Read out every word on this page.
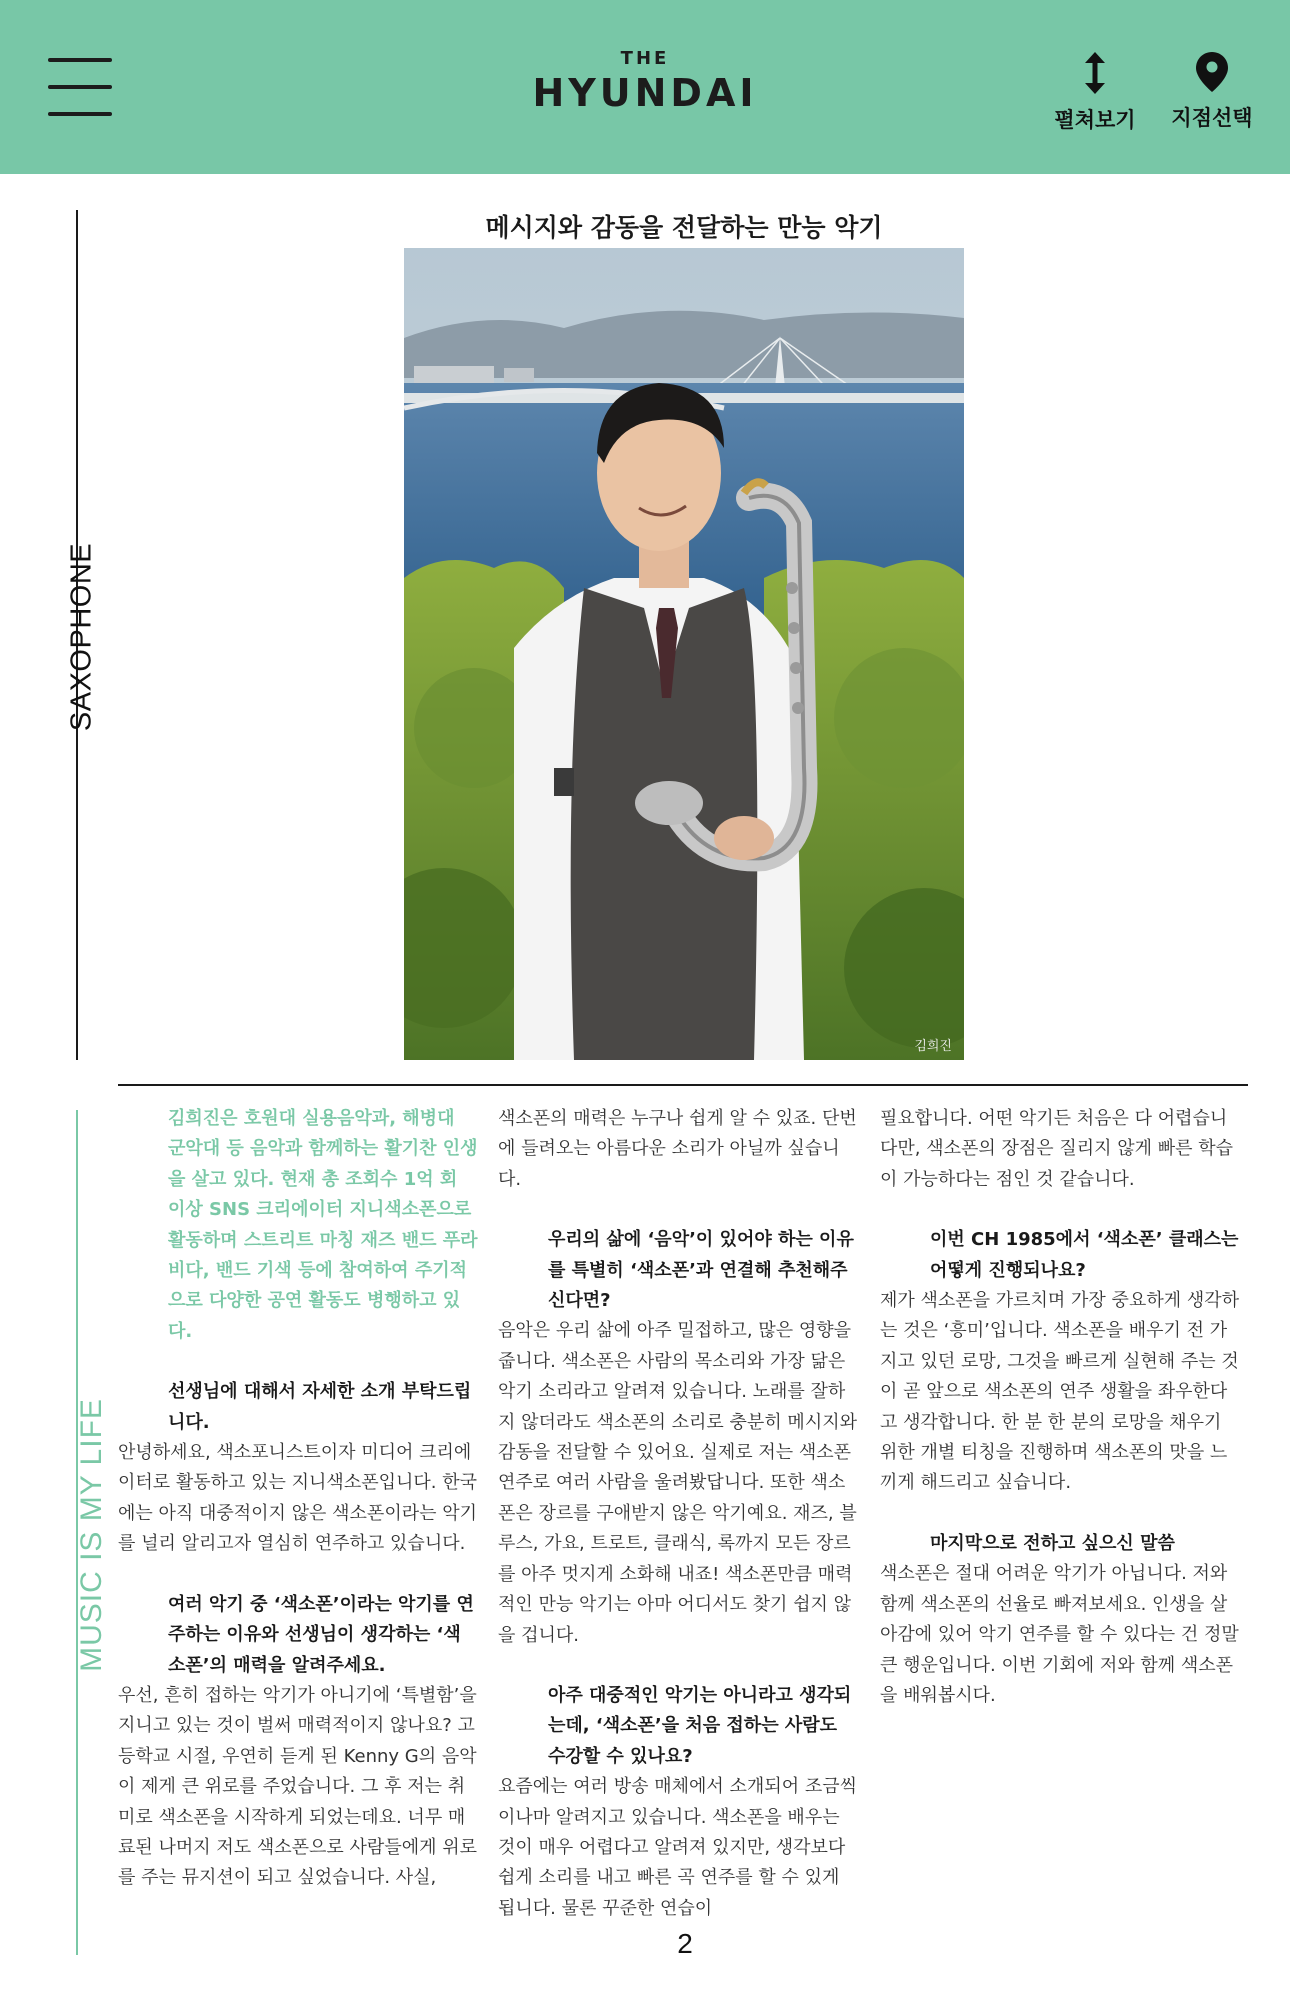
THE
HYUNDAI
펼쳐보기	지점선택
SAXOPHONE
MUSIC IS MY LIFE
메시지와 감동을 전달하는 만능 악기
김희진

김희진은 호원대 실용음악과, 해병대 군악대 등 음악과 함께하는 활기찬 인생을 살고 있다. 현재 총 조회수 1억 회 이상 SNS 크리에이터 지니색소폰으로 활동하며 스트리트 마칭 재즈 밴드 푸라비다, 밴드 기색 등에 참여하여 주기적으로 다양한 공연 활동도 병행하고 있다.

선생님에 대해서 자세한 소개 부탁드립니다.

안녕하세요, 색소포니스트이자 미디어 크리에이터로 활동하고 있는 지니색소폰입니다. 한국에는 아직 대중적이지 않은 색소폰이라는 악기를 널리 알리고자 열심히 연주하고 있습니다.

여러 악기 중 ‘색소폰’이라는 악기를 연주하는 이유와 선생님이 생각하는 ‘색소폰’의 매력을 알려주세요.

우선, 흔히 접하는 악기가 아니기에 ‘특별함’을 지니고 있는 것이 벌써 매력적이지 않나요? 고등학교 시절, 우연히 듣게 된 Kenny G의 음악이 제게 큰 위로를 주었습니다. 그 후 저는 취미로 색소폰을 시작하게 되었는데요. 너무 매료된 나머지 저도 색소폰으로 사람들에게 위로를 주는 뮤지션이 되고 싶었습니다. 사실,

색소폰의 매력은 누구나 쉽게 알 수 있죠. 단번에 들려오는 아름다운 소리가 아닐까 싶습니다.

우리의 삶에 ‘음악’이 있어야 하는 이유를 특별히 ‘색소폰’과 연결해 추천해주신다면?

음악은 우리 삶에 아주 밀접하고, 많은 영향을 줍니다. 색소폰은 사람의 목소리와 가장 닮은 악기 소리라고 알려져 있습니다. 노래를 잘하지 않더라도 색소폰의 소리로 충분히 메시지와 감동을 전달할 수 있어요. 실제로 저는 색소폰 연주로 여러 사람을 울려봤답니다. 또한 색소폰은 장르를 구애받지 않은 악기예요. 재즈, 블루스, 가요, 트로트, 클래식, 록까지 모든 장르를 아주 멋지게 소화해 내죠! 색소폰만큼 매력적인 만능 악기는 아마 어디서도 찾기 쉽지 않을 겁니다.

아주 대중적인 악기는 아니라고 생각되는데, ‘색소폰’을 처음 접하는 사람도 수강할 수 있나요?

요즘에는 여러 방송 매체에서 소개되어 조금씩이나마 알려지고 있습니다. 색소폰을 배우는 것이 매우 어렵다고 알려져 있지만, 생각보다 쉽게 소리를 내고 빠른 곡 연주를 할 수 있게 됩니다. 물론 꾸준한 연습이

필요합니다. 어떤 악기든 처음은 다 어렵습니다만, 색소폰의 장점은 질리지 않게 빠른 학습이 가능하다는 점인 것 같습니다.

이번 CH 1985에서 ‘색소폰’ 클래스는 어떻게 진행되나요?

제가 색소폰을 가르치며 가장 중요하게 생각하는 것은 ‘흥미’입니다. 색소폰을 배우기 전 가지고 있던 로망, 그것을 빠르게 실현해 주는 것이 곧 앞으로 색소폰의 연주 생활을 좌우한다고 생각합니다. 한 분 한 분의 로망을 채우기 위한 개별 티칭을 진행하며 색소폰의 맛을 느끼게 해드리고 싶습니다.

마지막으로 전하고 싶으신 말씀

색소폰은 절대 어려운 악기가 아닙니다. 저와 함께 색소폰의 선율로 빠져보세요. 인생을 살아감에 있어 악기 연주를 할 수 있다는 건 정말 큰 행운입니다. 이번 기회에 저와 함께 색소폰을 배워봅시다.

2
